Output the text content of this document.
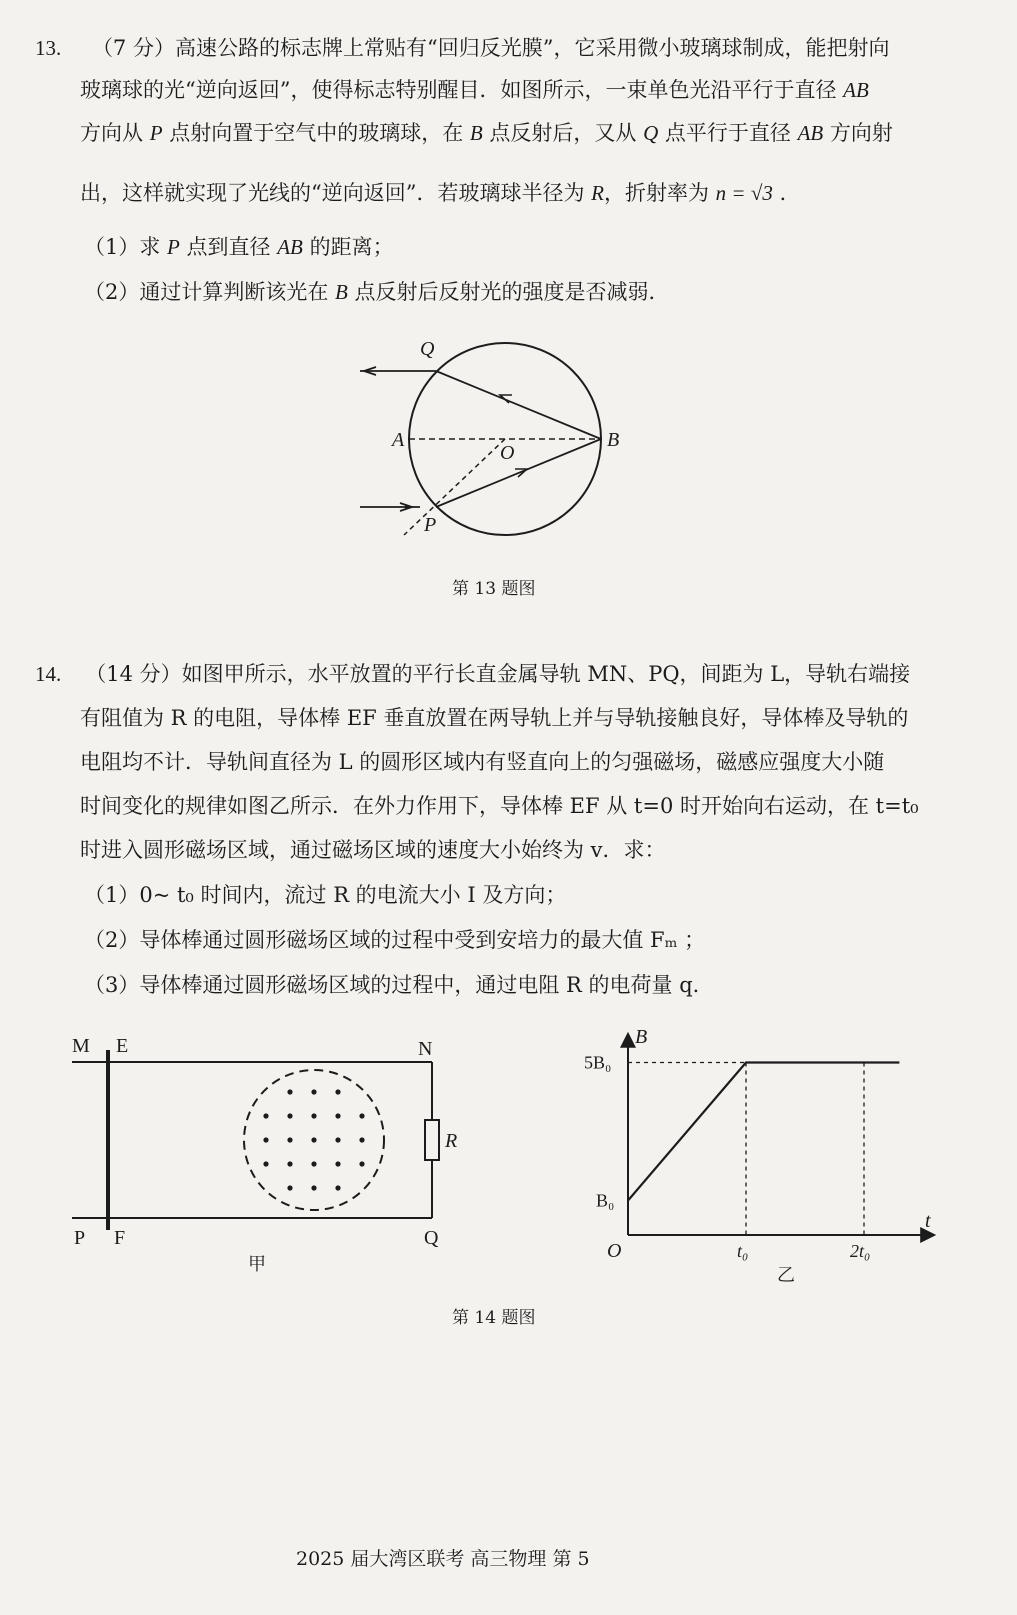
13. （7 分）高速公路的标志牌上常贴有“回归反光膜”，它采用微小玻璃球制成，能把射向
玻璃球的光“逆向返回”，使得标志特别醒目．如图所示，一束单色光沿平行于直径 AB
方向从 P 点射向置于空气中的玻璃球，在 B 点反射后，又从 Q 点平行于直径 AB 方向射
出，这样就实现了光线的“逆向返回”．若玻璃球半径为 R，折射率为 n = √3 .
（1）求 P 点到直径 AB 的距离；
（2）通过计算判断该光在 B 点反射后反射光的强度是否减弱．
Q
A
O
B
P
第 13 题图
14. （14 分）如图甲所示，水平放置的平行长直金属导轨 MN、PQ，间距为 L，导轨右端接
有阻值为 R 的电阻，导体棒 EF 垂直放置在两导轨上并与导轨接触良好，导体棒及导轨的
电阻均不计．导轨间直径为 L 的圆形区域内有竖直向上的匀强磁场，磁感应强度大小随
时间变化的规律如图乙所示．在外力作用下，导体棒 EF 从 t=0 时开始向右运动，在 t=t₀
时进入圆形磁场区域，通过磁场区域的速度大小始终为 v．求：
（1）0~ t₀ 时间内，流过 R 的电流大小 I 及方向；
（2）导体棒通过圆形磁场区域的过程中受到安培力的最大值 Fₘ ；
（3）导体棒通过圆形磁场区域的过程中，通过电阻 R 的电荷量 q．
M E	N
R
P F	Q
甲
5B₀
B₀
t₀	2t₀
B
t
O
乙
第 14 题图
2025 届大湾区联考 高三物理 第 5
